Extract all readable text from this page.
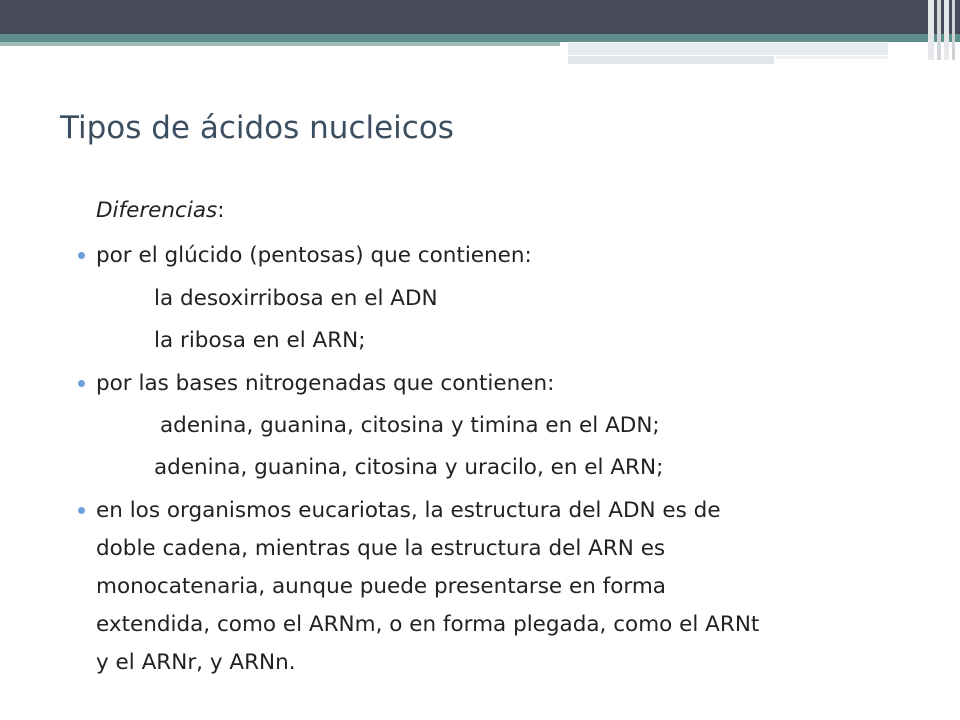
Tipos de ácidos nucleicos
Diferencias:
por el glúcido (pentosas) que contienen:
la desoxirribosa en el ADN
la ribosa en el ARN;
por las bases nitrogenadas que contienen:
adenina, guanina, citosina y timina en el ADN;
adenina, guanina, citosina y uracilo, en el ARN;
en los organismos eucariotas, la estructura del ADN es de
doble cadena, mientras que la estructura del ARN es
monocatenaria, aunque puede presentarse en forma
extendida, como el ARNm, o en forma plegada, como el ARNt
y el ARNr, y ARNn.
